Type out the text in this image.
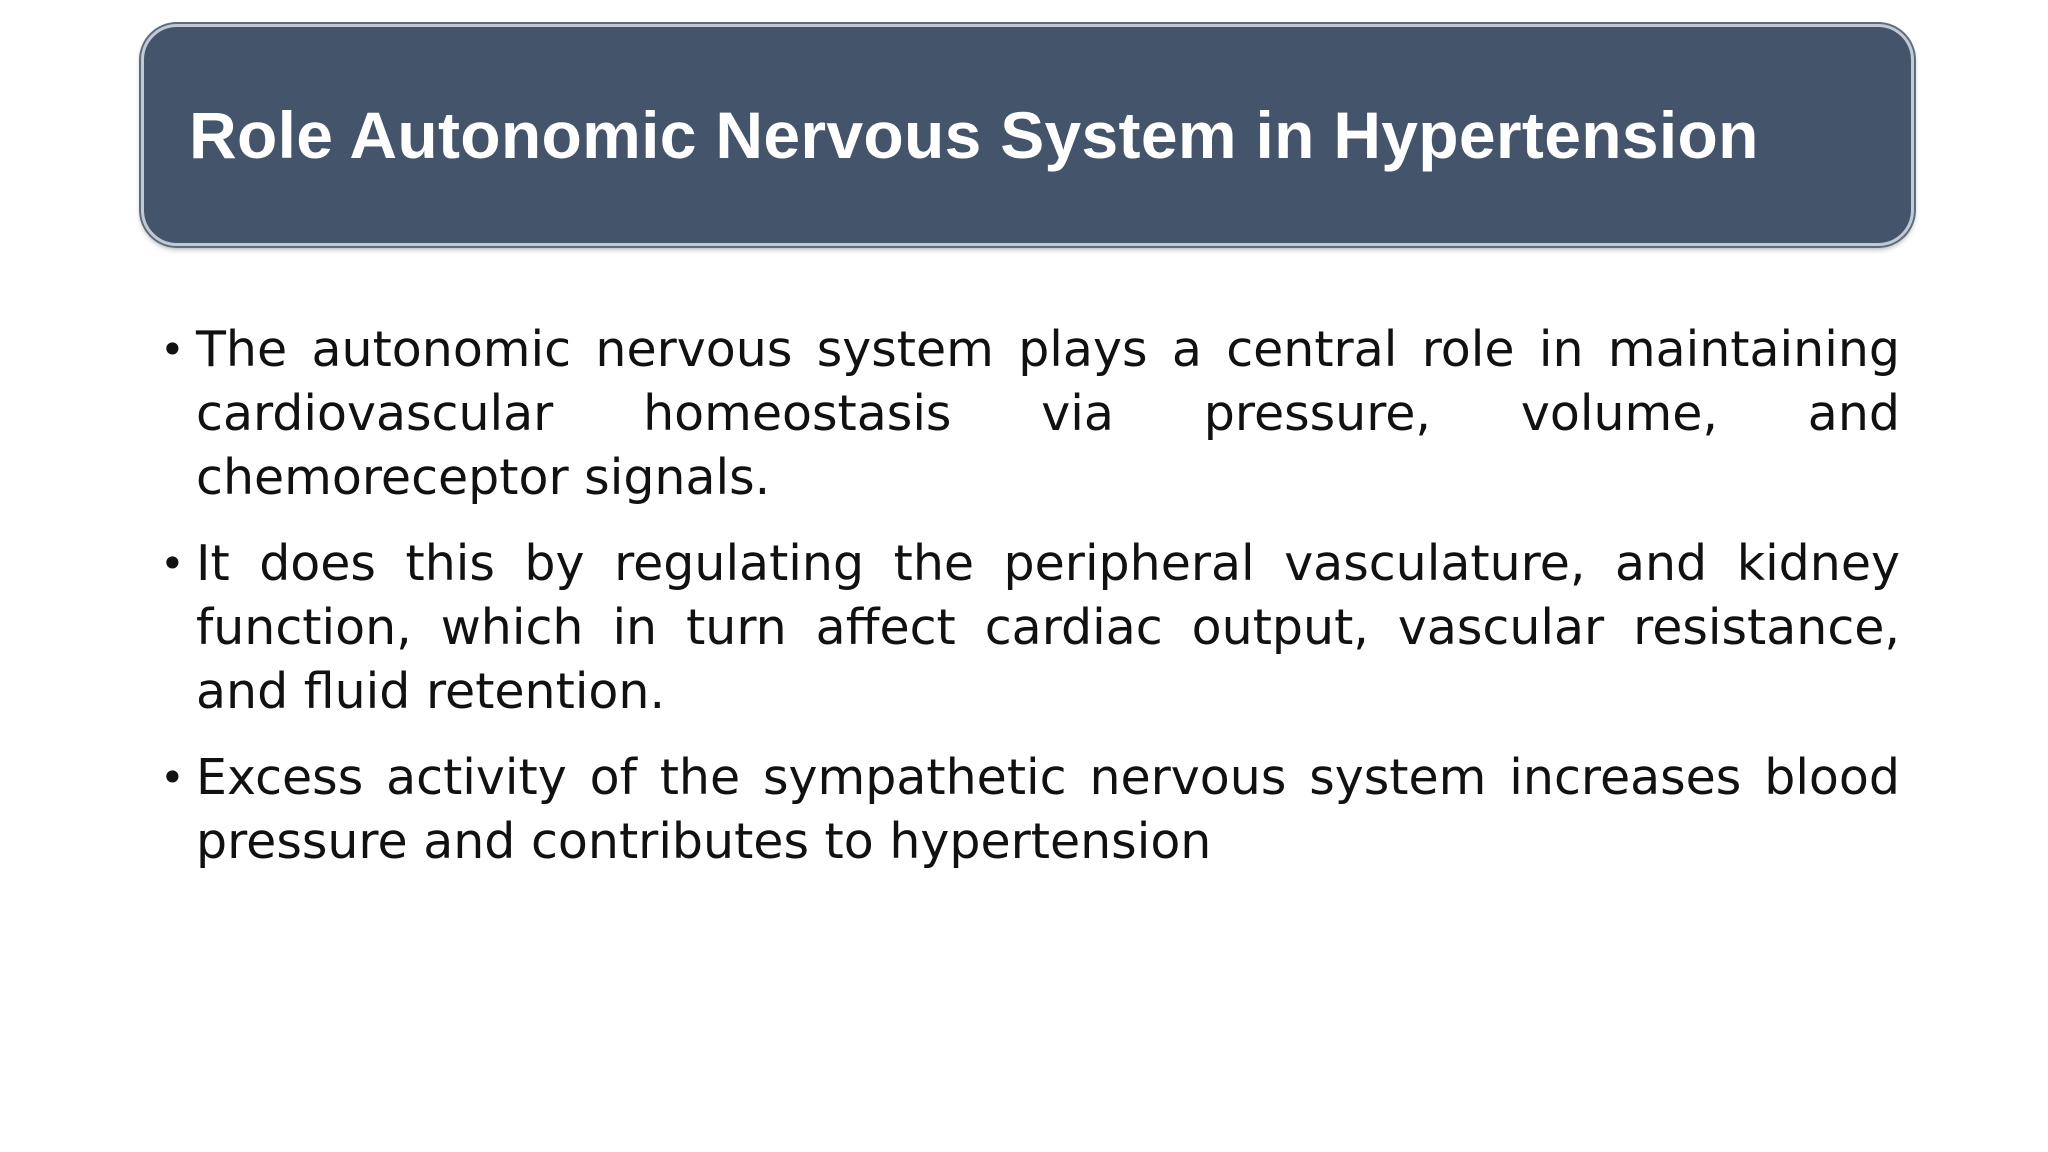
Role Autonomic Nervous System in Hypertension
• The autonomic nervous system plays a central role in maintaining cardiovascular homeostasis via pressure, volume, and chemoreceptor signals.
• It does this by regulating the peripheral vasculature, and kidney function, which in turn affect cardiac output, vascular resistance, and fluid retention.
• Excess activity of the sympathetic nervous system increases blood pressure and contributes to hypertension
